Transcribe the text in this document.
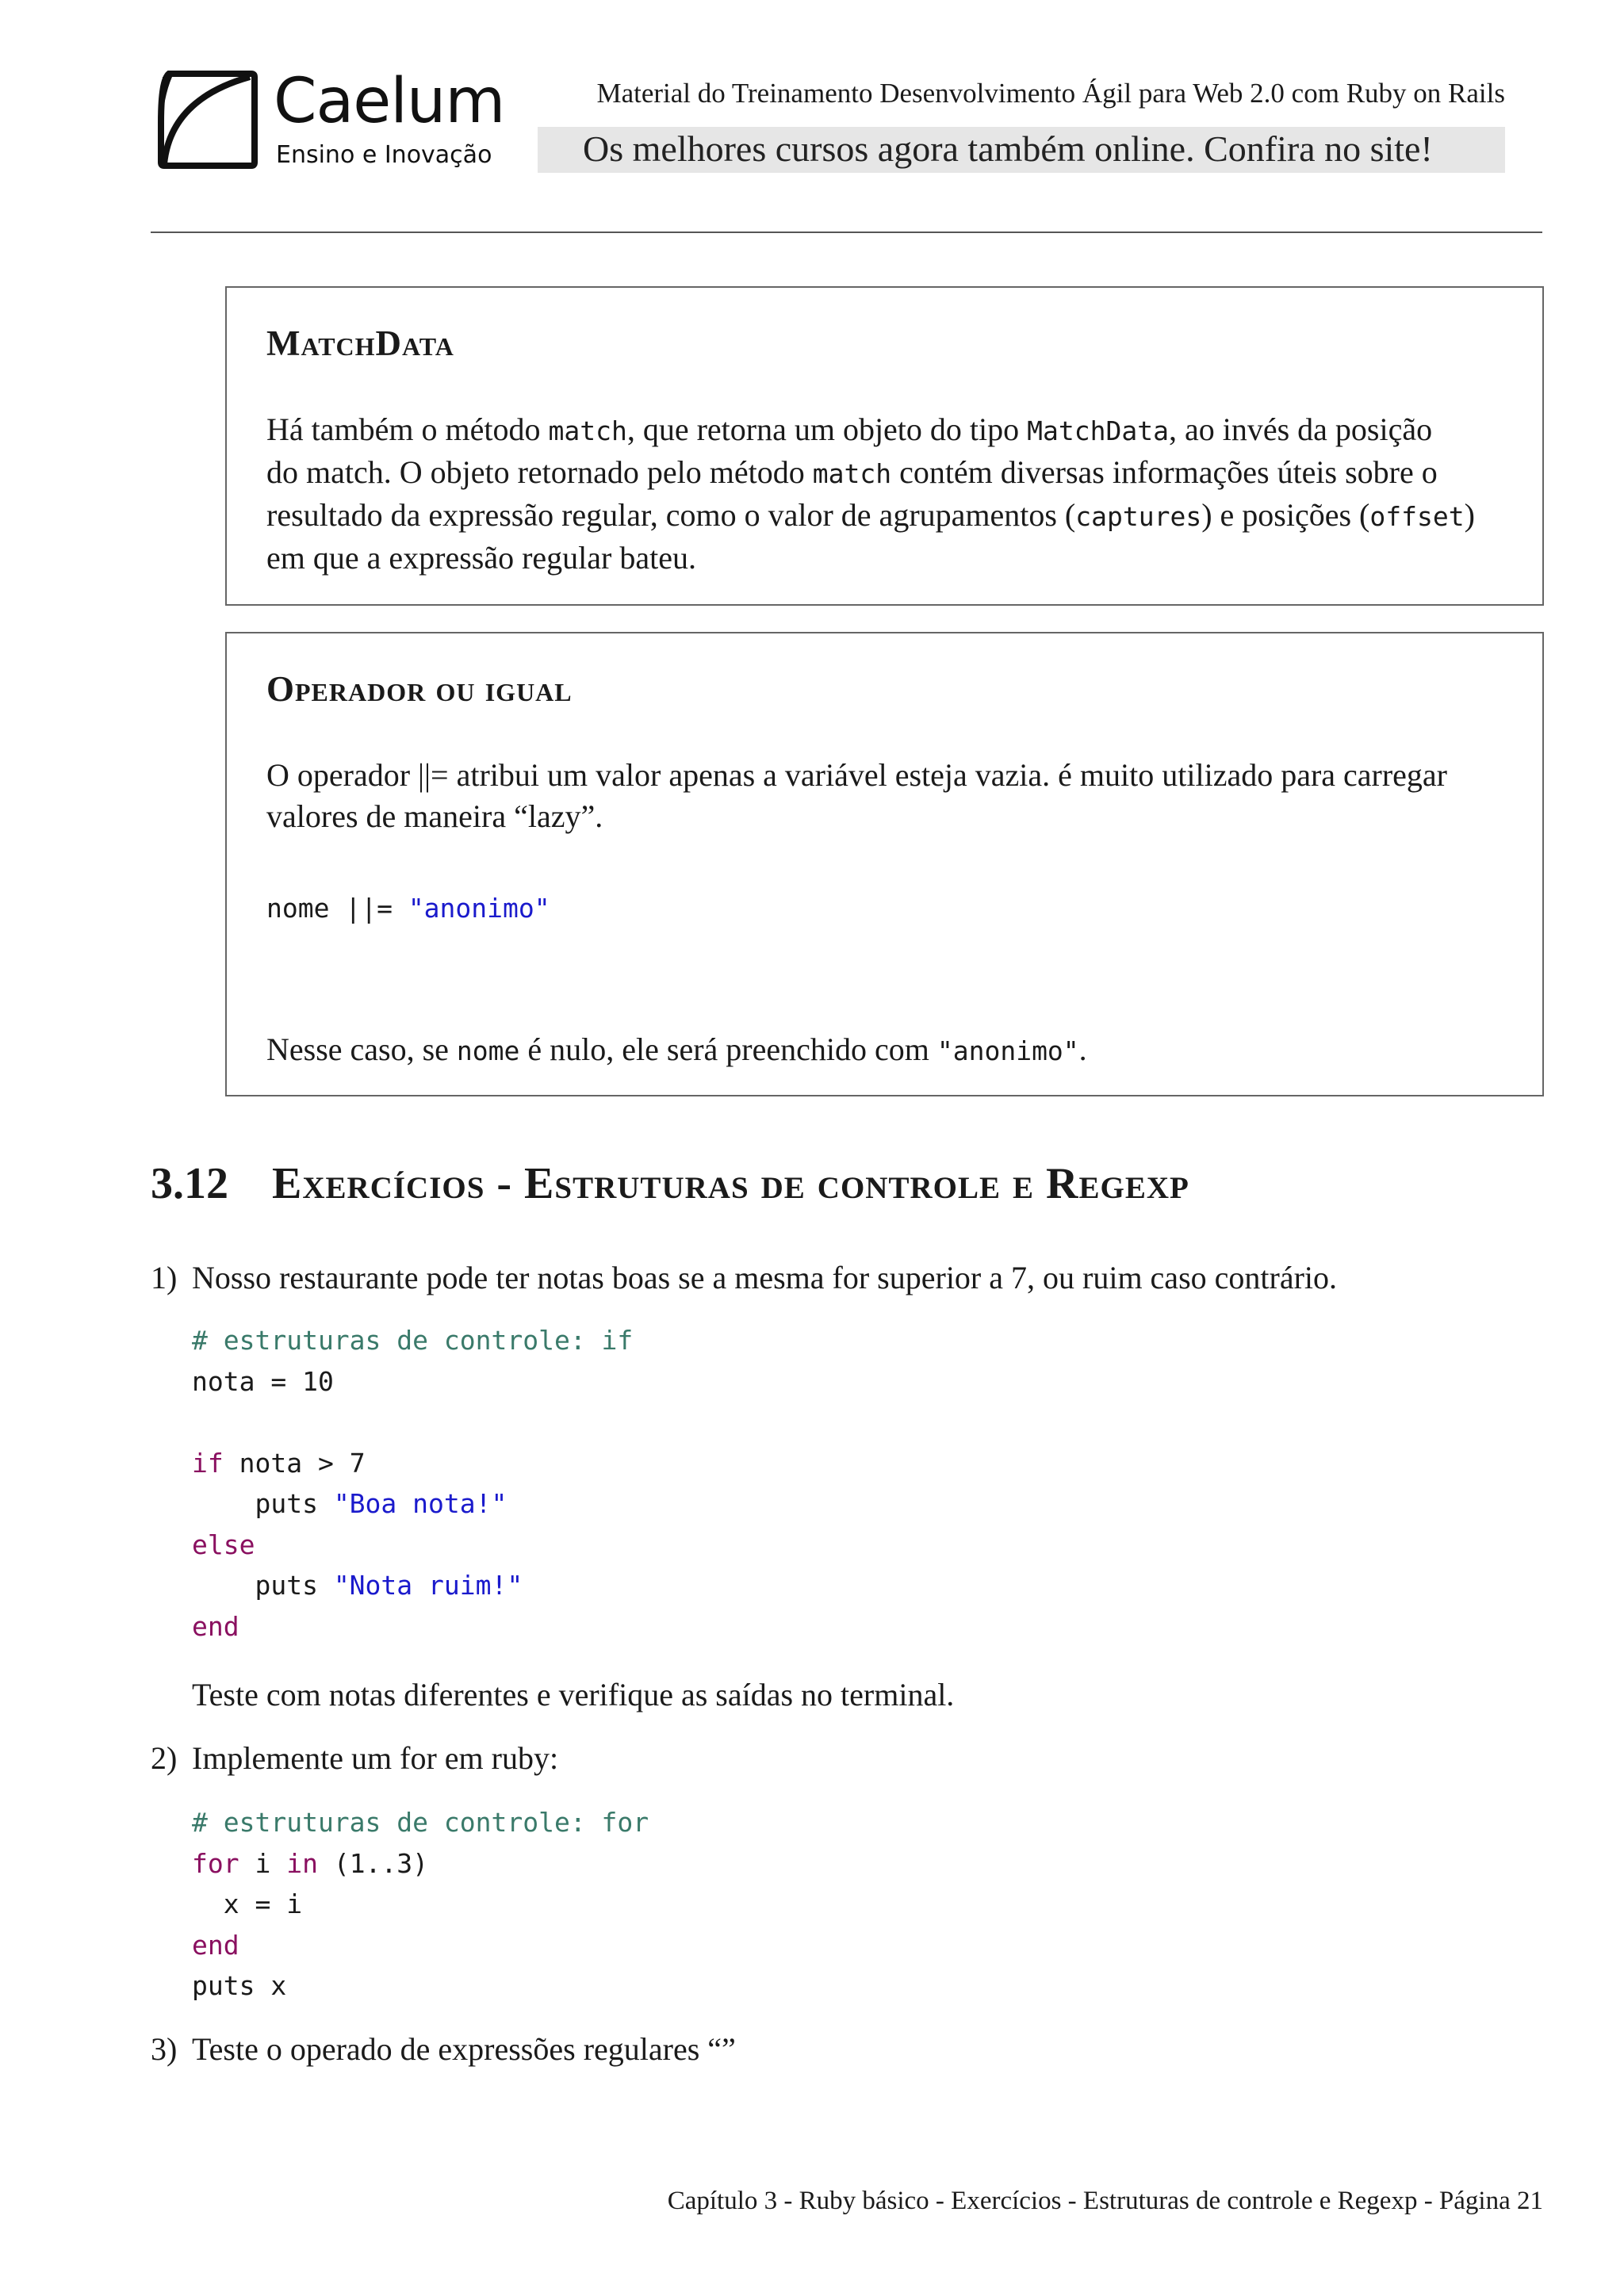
✶ Caelum
Ensino e Inovação
Material do Treinamento Desenvolvimento Ágil para Web 2.0 com Ruby on Rails
Os melhores cursos agora também online. Confira no site!
MatchData
Há também o método match, que retorna um objeto do tipo MatchData, ao invés da posição
do match. O objeto retornado pelo método match contém diversas informações úteis sobre o
resultado da expressão regular, como o valor de agrupamentos (captures) e posições (offset)
em que a expressão regular bateu.
Operador ou igual
O operador ||= atribui um valor apenas a variável esteja vazia. é muito utilizado para carregar
valores de maneira “lazy”.
nome ||= "anonimo"
Nesse caso, se nome é nulo, ele será preenchido com "anonimo".
3.12 Exercícios - Estruturas de controle e Regexp
1) Nosso restaurante pode ter notas boas se a mesma for superior a 7, ou ruim caso contrário.
# estruturas de controle: if
nota = 10

if nota > 7
puts "Boa nota!"
else
puts "Nota ruim!"
end
Teste com notas diferentes e verifique as saídas no terminal.
2) Implemente um for em ruby:
# estruturas de controle: for
for i in (1..3)
x = i
end
puts x
3) Teste o operado de expressões regulares “”
Capítulo 3 - Ruby básico - Exercícios - Estruturas de controle e Regexp - Página 21
